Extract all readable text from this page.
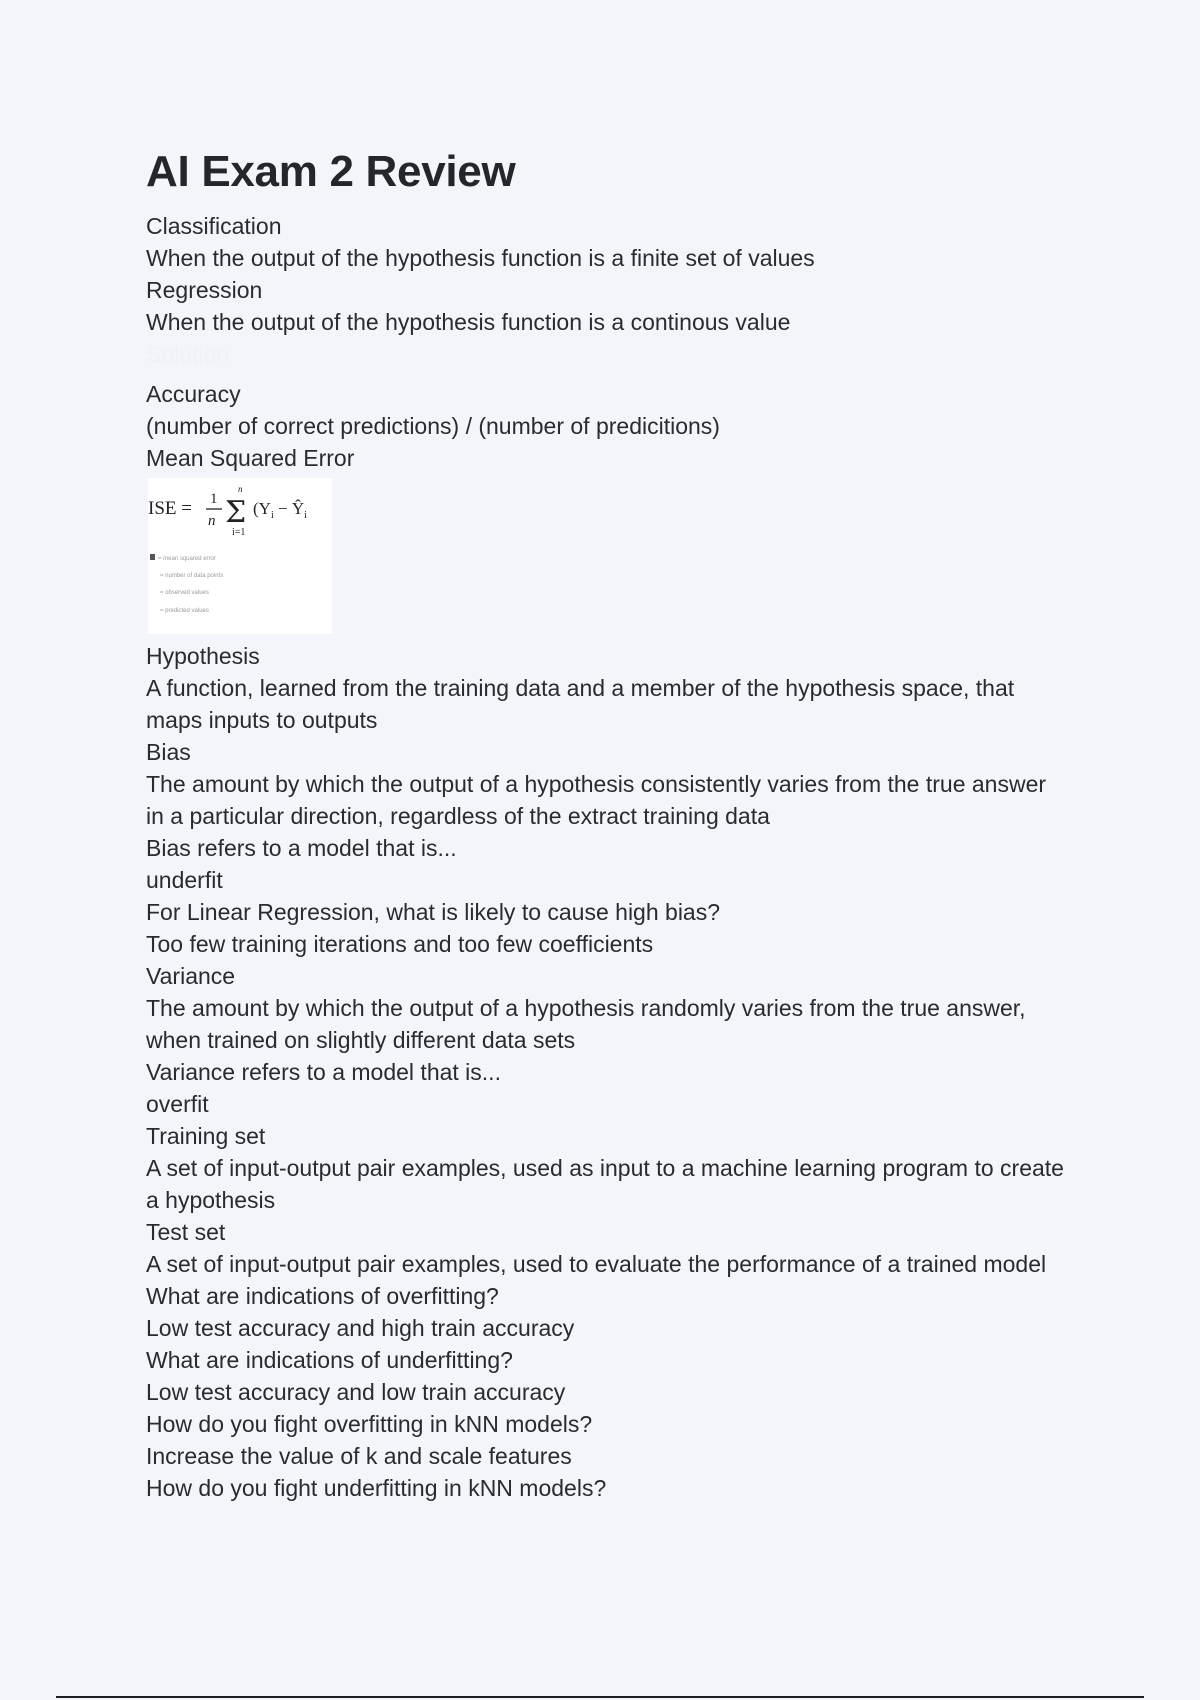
AI Exam 2 Review
Classification
When the output of the hypothesis function is a finite set of values
Regression
When the output of the hypothesis function is a continous value
Solution
Accuracy
(number of correct predictions) / (number of predicitions)
Mean Squared Error
ISE = 1
n
n
Σ
i=1
($Y_i$ − $Ŷ_i$
= mean squared error
= number of data points
= observed values
= predicted values
Hypothesis
A function, learned from the training data and a member of the hypothesis space, that maps inputs to outputs
Bias
The amount by which the output of a hypothesis consistently varies from the true answer in a particular direction, regardless of the extract training data
Bias refers to a model that is...
underfit
For Linear Regression, what is likely to cause high bias?
Too few training iterations and too few coefficients
Variance
The amount by which the output of a hypothesis randomly varies from the true answer, when trained on slightly different data sets
Variance refers to a model that is...
overfit
Training set
A set of input-output pair examples, used as input to a machine learning program to create a hypothesis
Test set
A set of input-output pair examples, used to evaluate the performance of a trained model
What are indications of overfitting?
Low test accuracy and high train accuracy
What are indications of underfitting?
Low test accuracy and low train accuracy
How do you fight overfitting in kNN models?
Increase the value of k and scale features
How do you fight underfitting in kNN models?
